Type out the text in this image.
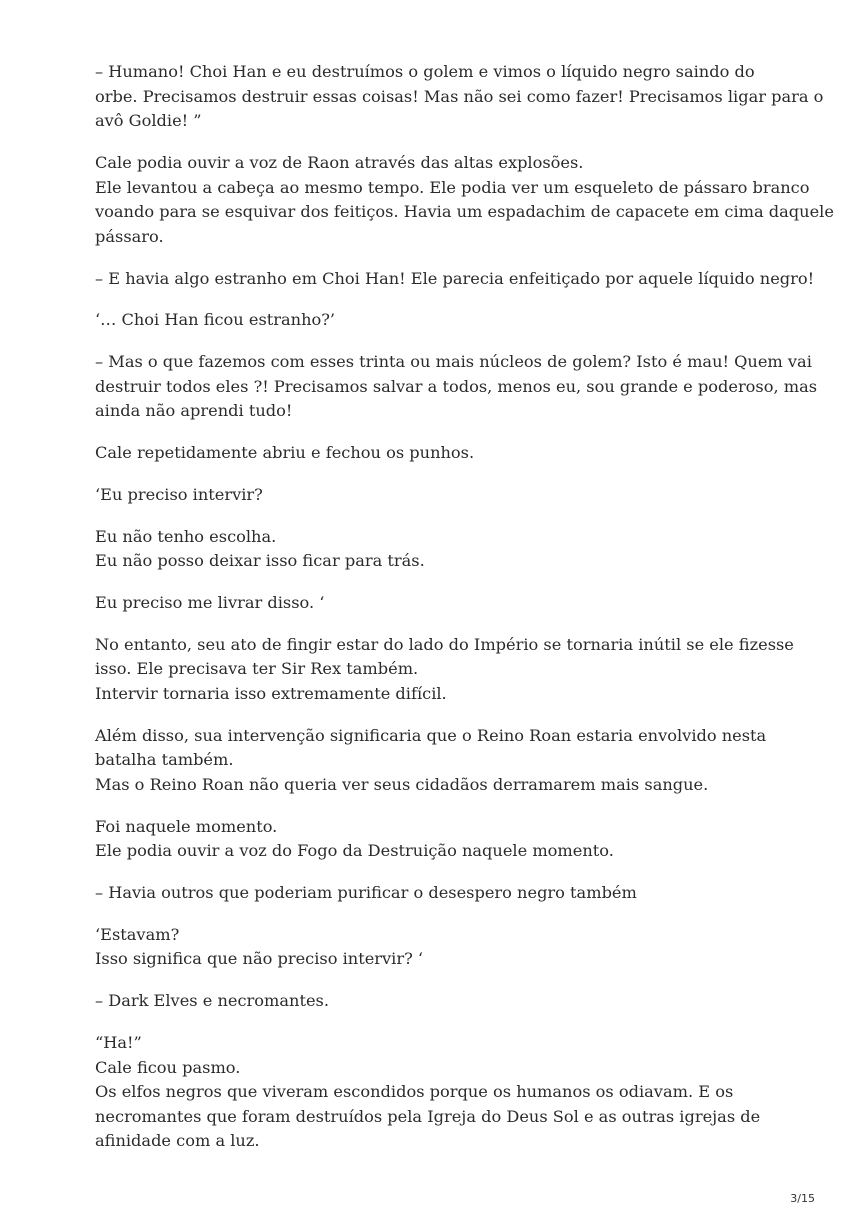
– Humano! Choi Han e eu destruímos o golem e vimos o líquido negro saindo do
orbe. Precisamos destruir essas coisas! Mas não sei como fazer! Precisamos ligar para o
avô Goldie! ”

Cale podia ouvir a voz de Raon através das altas explosões.
Ele levantou a cabeça ao mesmo tempo. Ele podia ver um esqueleto de pássaro branco
voando para se esquivar dos feitiços. Havia um espadachim de capacete em cima daquele
pássaro.

– E havia algo estranho em Choi Han! Ele parecia enfeitiçado por aquele líquido negro!

‘… Choi Han ficou estranho?’

– Mas o que fazemos com esses trinta ou mais núcleos de golem? Isto é mau! Quem vai
destruir todos eles ?! Precisamos salvar a todos, menos eu, sou grande e poderoso, mas
ainda não aprendi tudo!

Cale repetidamente abriu e fechou os punhos.

‘Eu preciso intervir?

Eu não tenho escolha.
Eu não posso deixar isso ficar para trás.

Eu preciso me livrar disso. ‘

No entanto, seu ato de fingir estar do lado do Império se tornaria inútil se ele fizesse
isso. Ele precisava ter Sir Rex também.
Intervir tornaria isso extremamente difícil.

Além disso, sua intervenção significaria que o Reino Roan estaria envolvido nesta
batalha também.
Mas o Reino Roan não queria ver seus cidadãos derramarem mais sangue.

Foi naquele momento.
Ele podia ouvir a voz do Fogo da Destruição naquele momento.

– Havia outros que poderiam purificar o desespero negro também

‘Estavam?
Isso significa que não preciso intervir? ‘

– Dark Elves e necromantes.

“Ha!”
Cale ficou pasmo.
Os elfos negros que viveram escondidos porque os humanos os odiavam. E os
necromantes que foram destruídos pela Igreja do Deus Sol e as outras igrejas de
afinidade com a luz.

3/15
